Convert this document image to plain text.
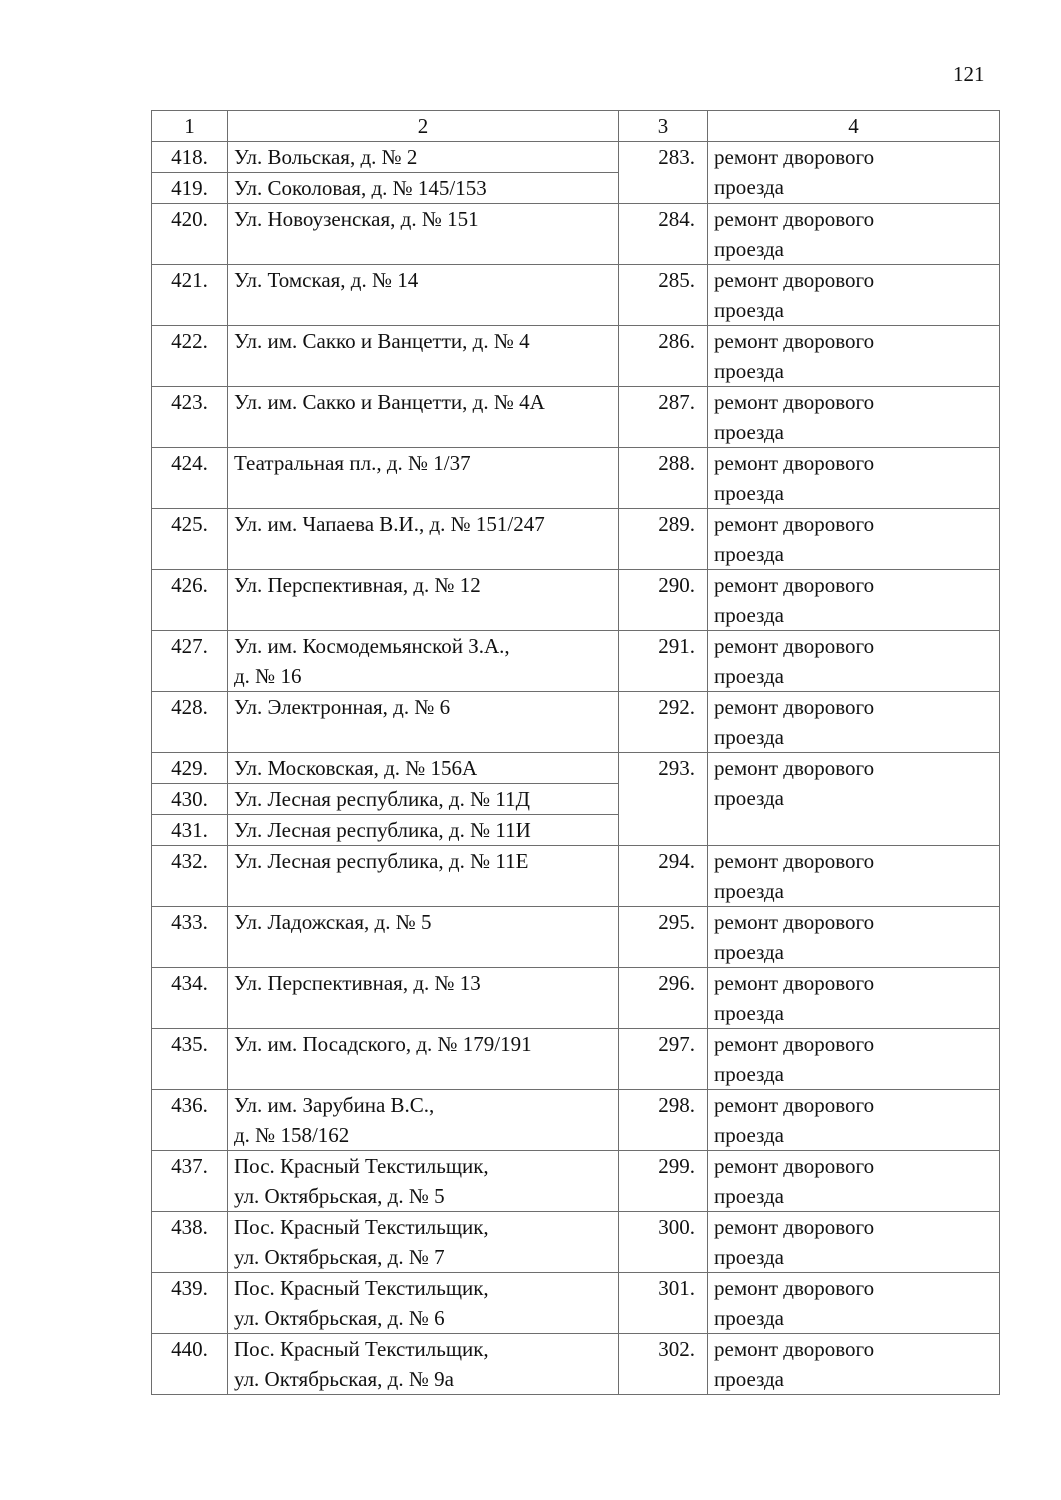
121
1	2	3	4
418.	Ул. Вольская, д. № 2	283.	ремонт дворового проезда

419.	Ул. Соколовая, д. № 145/153		

420.	Ул. Новоузенская, д. № 151	284.	ремонт дворового проезда

421.	Ул. Томская, д. № 14	285.	ремонт дворового проезда

422.	Ул. им. Сакко и Ванцетти, д. № 4	286.	ремонт дворового проезда

423.	Ул. им. Сакко и Ванцетти, д. № 4А	287.	ремонт дворового проезда

424.	Театральная пл., д. № 1/37	288.	ремонт дворового проезда

425.	Ул. им. Чапаева В.И., д. № 151/247	289.	ремонт дворового проезда

426.	Ул. Перспективная, д. № 12	290.	ремонт дворового проезда

427.	Ул. им. Космодемьянской З.А.,
д. № 16	291.	ремонт дворового проезда

428.	Ул. Электронная, д. № 6	292.	ремонт дворового проезда

429.	Ул. Московская, д. № 156А	293.	ремонт дворового проезда

430.	Ул. Лесная республика, д. № 11Д		

431.	Ул. Лесная республика, д. № 11И		

432.	Ул. Лесная республика, д. № 11Е	294.	ремонт дворового проезда

433.	Ул. Ладожская, д. № 5	295.	ремонт дворового проезда

434.	Ул. Перспективная, д. № 13	296.	ремонт дворового проезда

435.	Ул. им. Посадского, д. № 179/191	297.	ремонт дворового проезда

436.	Ул. им. Зарубина В.С.,
д. № 158/162	298.	ремонт дворового проезда

437.	Пос. Красный Текстильщик,
ул. Октябрьская, д. № 5	299.	ремонт дворового проезда

438.	Пос. Красный Текстильщик,
ул. Октябрьская, д. № 7	300.	ремонт дворового проезда

439.	Пос. Красный Текстильщик,
ул. Октябрьская, д. № 6	301.	ремонт дворового проезда

440.	Пос. Красный Текстильщик,
ул. Октябрьская, д. № 9а	302.	ремонт дворового проезда
